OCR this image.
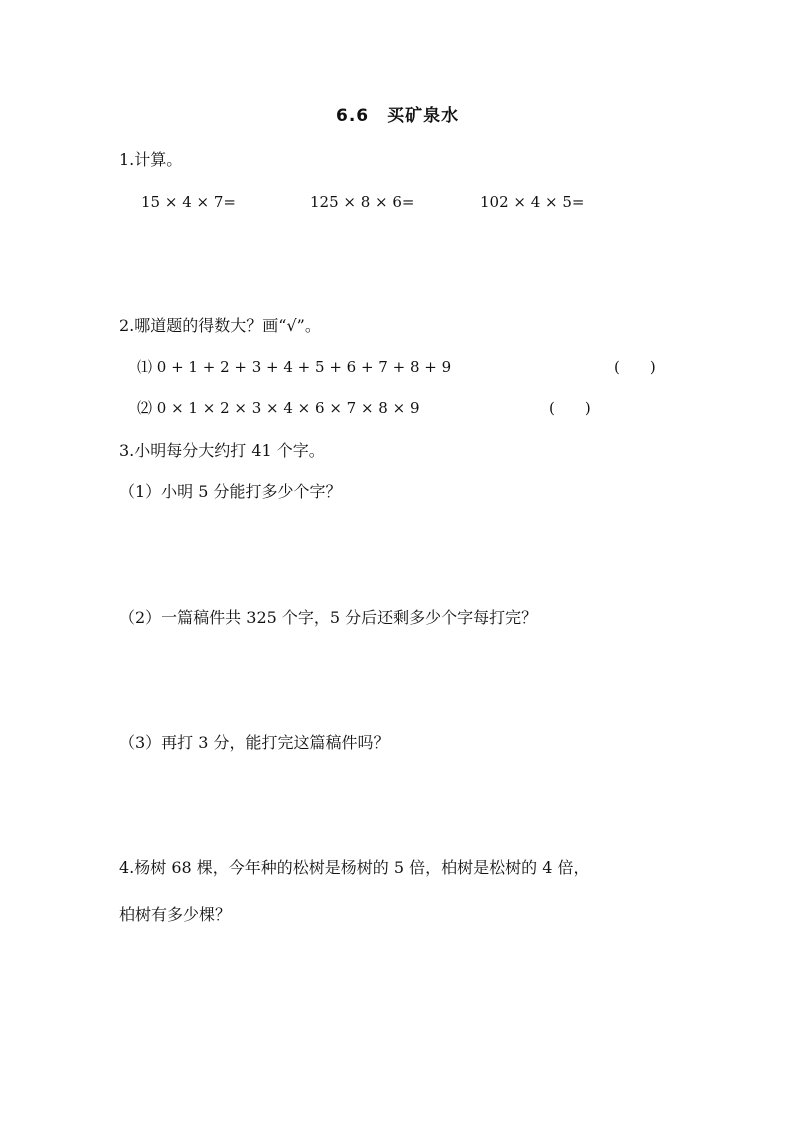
6.6　买矿泉水
1.计算。
15 × 4 × 7=	125 × 8 × 6=	102 × 4 × 5=
2.哪道题的得数大？画“√”。
⑴ 0 + 1 + 2 + 3 + 4 + 5 + 6 + 7 + 8 + 9	(　　)
⑵ 0 × 1 × 2 × 3 × 4 × 6 × 7 × 8 × 9	(　　)
3.小明每分大约打 41 个字。
（1）小明 5 分能打多少个字？
（2）一篇稿件共 325 个字，5 分后还剩多少个字每打完？
（3）再打 3 分，能打完这篇稿件吗？
4.杨树 68 棵，今年种的松树是杨树的 5 倍，柏树是松树的 4 倍，
柏树有多少棵？
